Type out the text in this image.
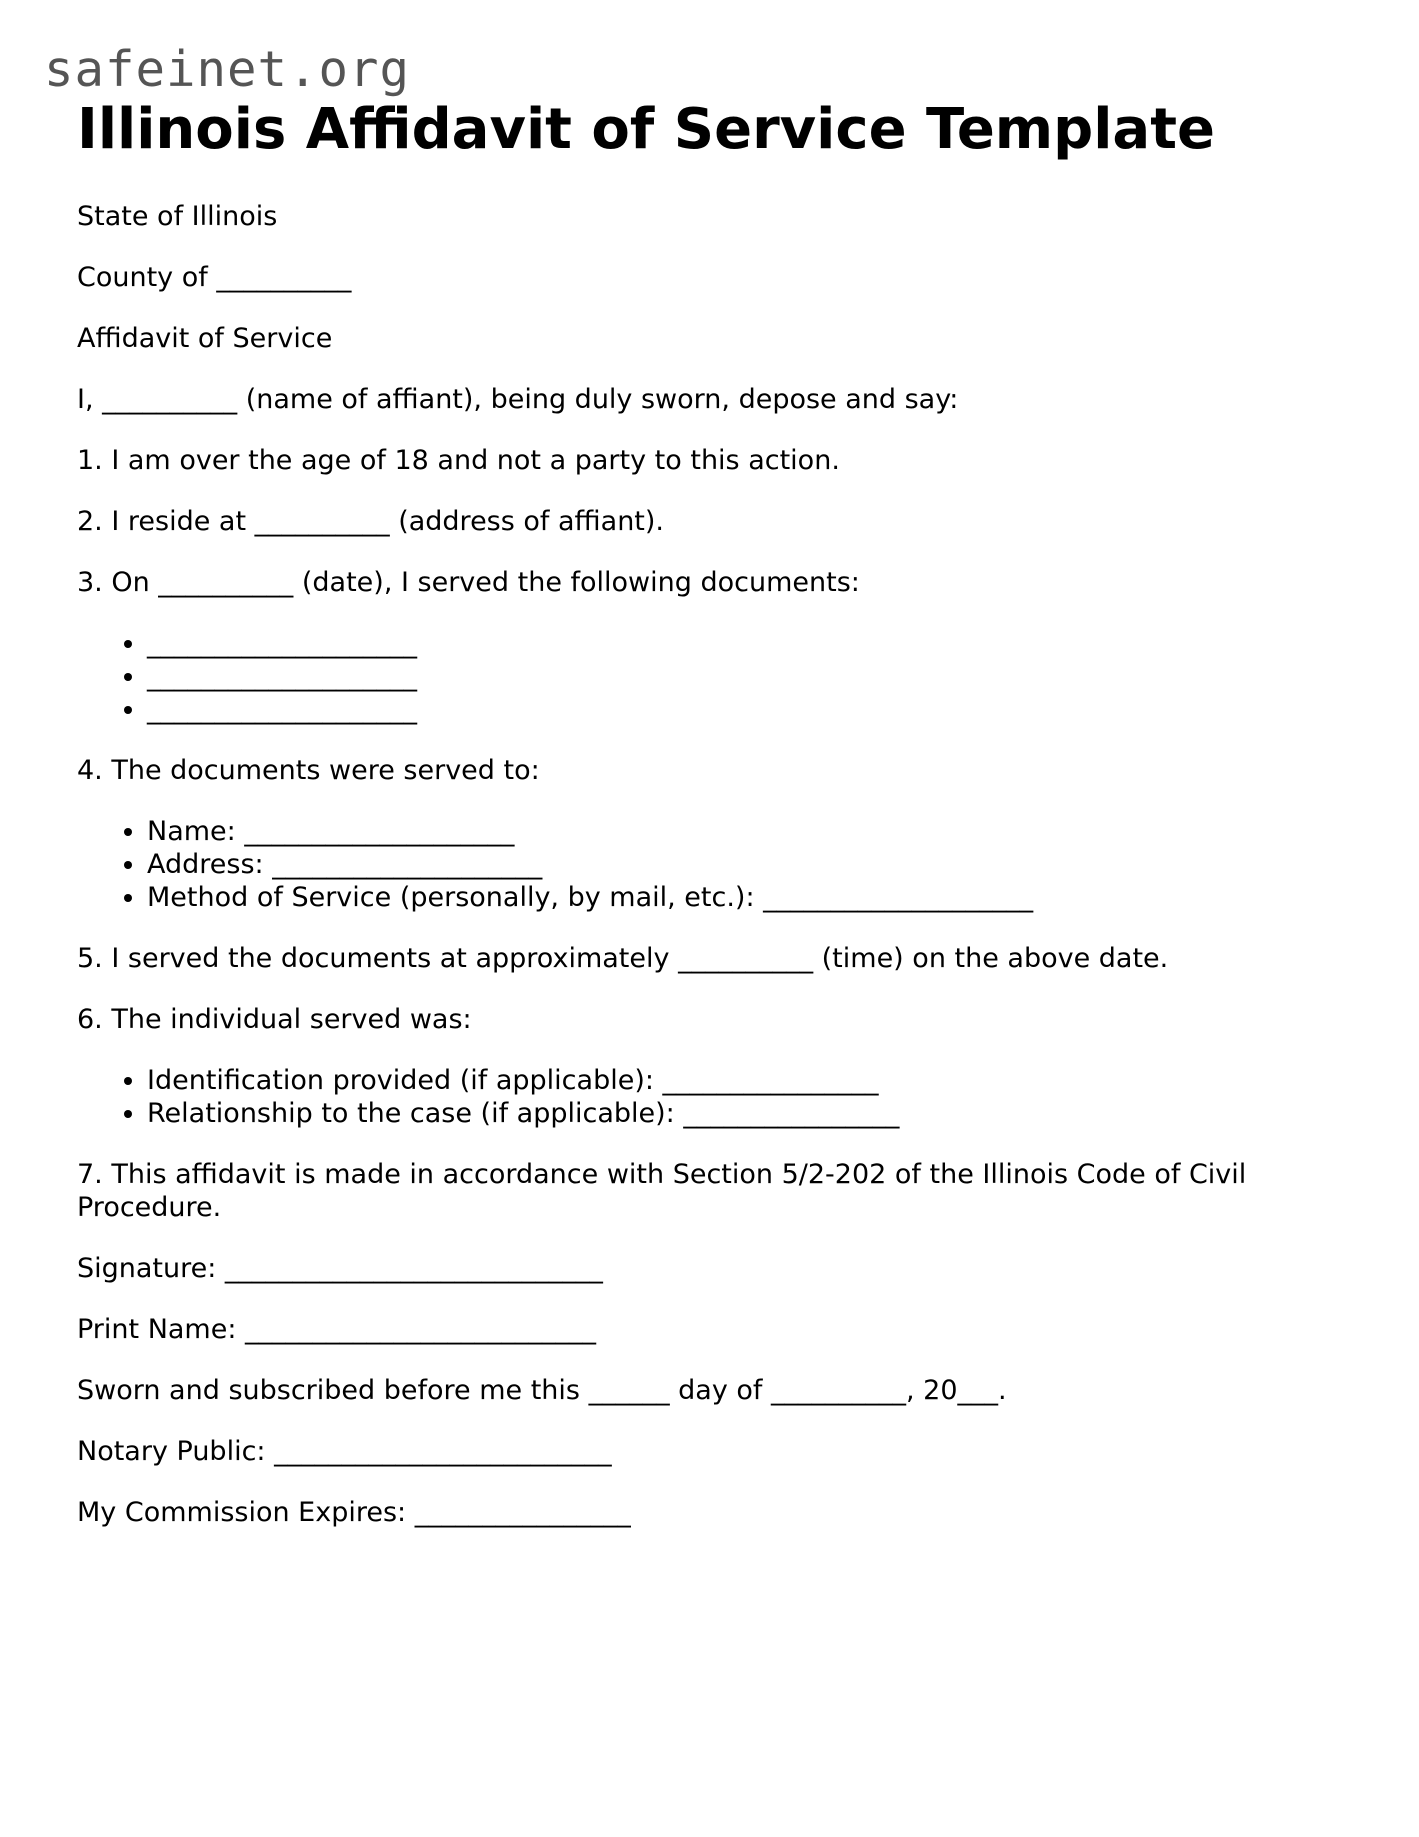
safeinet.org
Illinois Affidavit of Service Template

State of Illinois

County of __________

Affidavit of Service

I, __________ (name of affiant), being duly sworn, depose and say:

1. I am over the age of 18 and not a party to this action.

2. I reside at __________ (address of affiant).

3. On __________ (date), I served the following documents:

• ____________________
• ____________________
• ____________________

4. The documents were served to:

• Name: ____________________
• Address: ____________________
• Method of Service (personally, by mail, etc.): ____________________

5. I served the documents at approximately __________ (time) on the above date.

6. The individual served was:

• Identification provided (if applicable): ________________
• Relationship to the case (if applicable): ________________

7. This affidavit is made in accordance with Section 5/2-202 of the Illinois Code of Civil Procedure.

Signature: ____________________________

Print Name: __________________________

Sworn and subscribed before me this ______ day of __________, 20___.

Notary Public: _________________________

My Commission Expires: ________________
